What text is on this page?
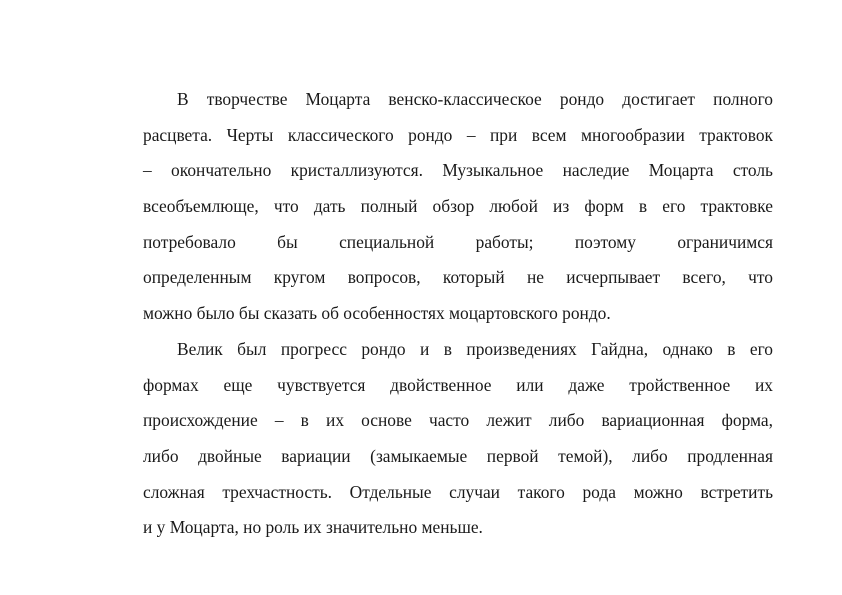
В творчестве Моцарта венско-классическое рондо достигает полного
расцвета. Черты классического рондо – при всем многообразии трактовок
– окончательно кристаллизуются. Музыкальное наследие Моцарта столь
всеобъемлюще, что дать полный обзор любой из форм в его трактовке
потребовало бы специальной работы; поэтому ограничимся
определенным кругом вопросов, который не исчерпывает всего, что
можно было бы сказать об особенностях моцартовского рондо.
Велик был прогресс рондо и в произведениях Гайдна, однако в его
формах еще чувствуется двойственное или даже тройственное их
происхождение – в их основе часто лежит либо вариационная форма,
либо двойные вариации (замыкаемые первой темой), либо продленная
сложная трехчастность. Отдельные случаи такого рода можно встретить
и у Моцарта, но роль их значительно меньше.
